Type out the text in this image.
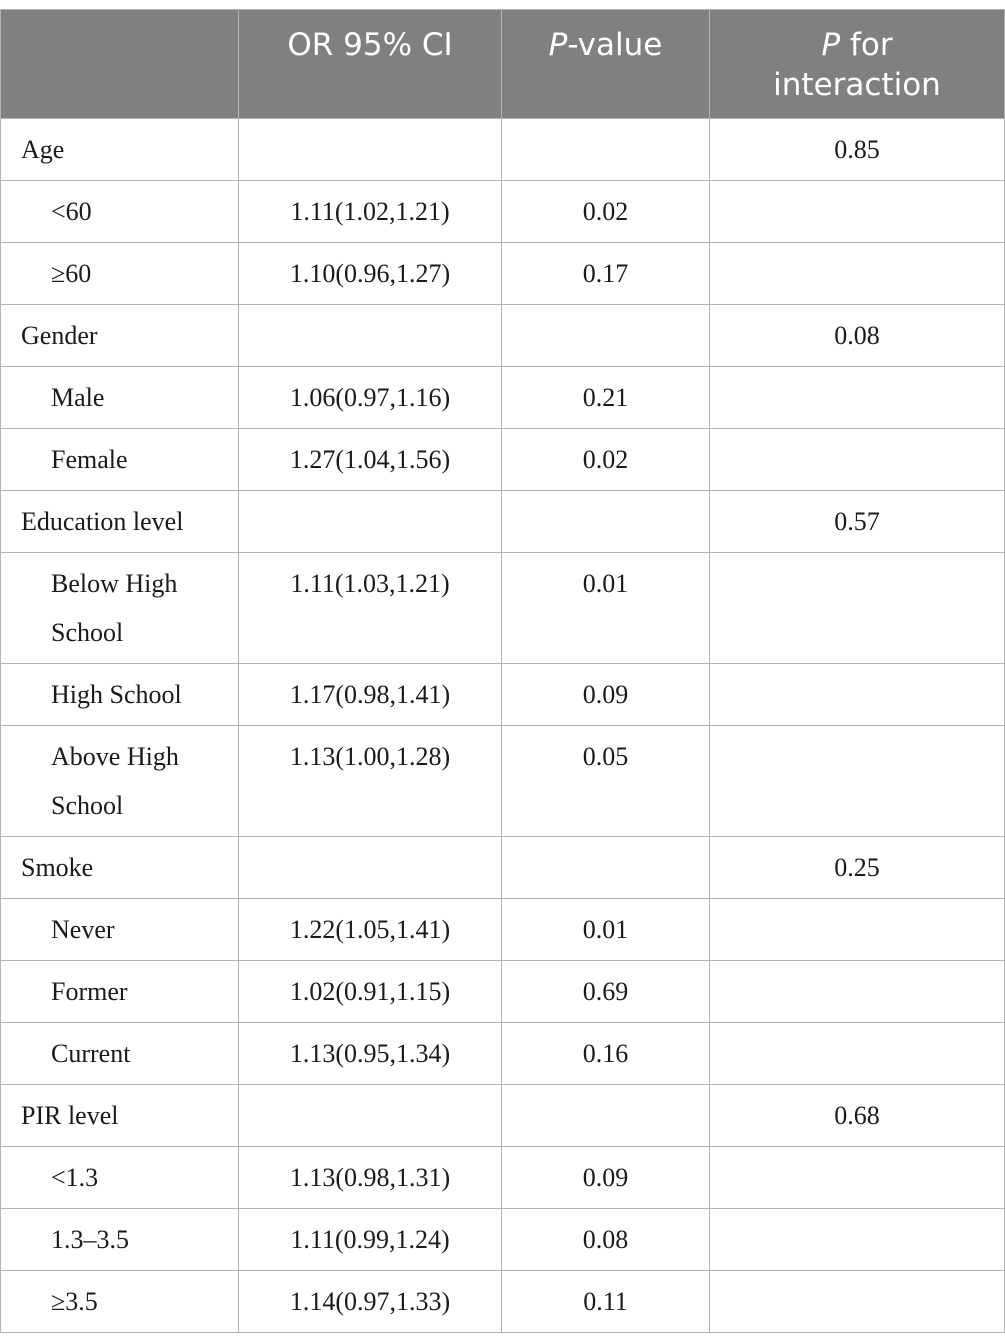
	OR 95% CI	P-value	P for
interaction
Age			0.85
<60	1.11(1.02,1.21)	0.02	
≥60	1.10(0.96,1.27)	0.17	
Gender			0.08
Male	1.06(0.97,1.16)	0.21	
Female	1.27(1.04,1.56)	0.02	
Education level			0.57
Below High School	1.11(1.03,1.21)	0.01	
High School	1.17(0.98,1.41)	0.09	
Above High School	1.13(1.00,1.28)	0.05	
Smoke			0.25
Never	1.22(1.05,1.41)	0.01	
Former	1.02(0.91,1.15)	0.69	
Current	1.13(0.95,1.34)	0.16	
PIR level			0.68
<1.3	1.13(0.98,1.31)	0.09	
1.3–3.5	1.11(0.99,1.24)	0.08	
≥3.5	1.14(0.97,1.33)	0.11	
